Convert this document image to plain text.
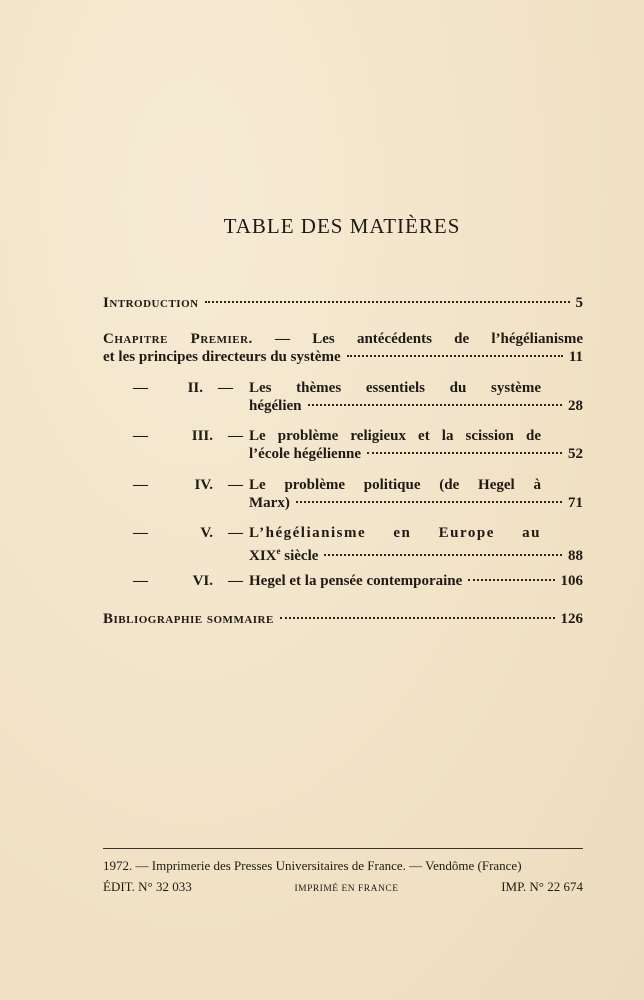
TABLE DES MATIÈRES
Introduction	5
Chapitre Premier. — Les antécédents de l’hégélianisme
et les principes directeurs du système	11
—	II.	— Les thèmes essentiels du système
hégélien	28
—	III.	— Le problème religieux et la scission de
l’école hégélienne	52
—	IV.	— Le problème politique (de Hegel à
Marx)	71
—	V.	— L’hégélianisme en Europe au
XIXe siècle	88
—	VI.	— Hegel et la pensée contemporaine	106
Bibliographie sommaire	126
1972. — Imprimerie des Presses Universitaires de France. — Vendôme (France)
ÉDIT. N° 32 033	IMPRIMÉ EN FRANCE	IMP. N° 22 674
